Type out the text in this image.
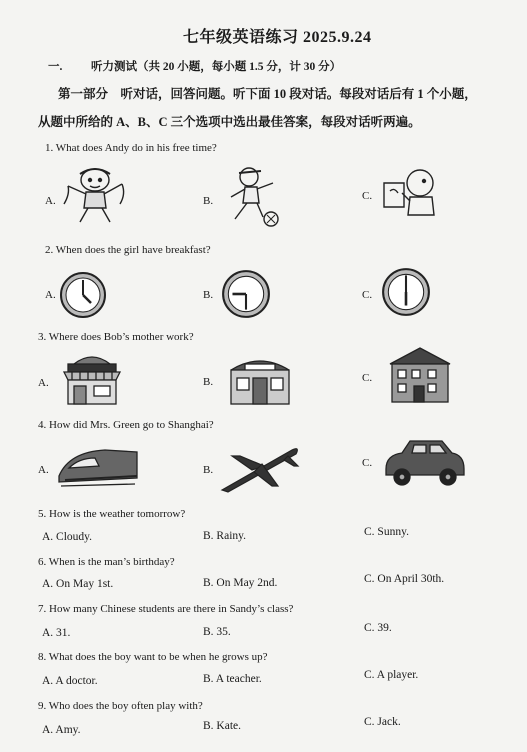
七年级英语练习 2025.9.24
一. 听力测试（共 20 小题，每小题 1.5 分，计 30 分）
第一部分　听对话，回答问题。听下面 10 段对话。每段对话后有 1 个小题，
从题中所给的 A、B、C 三个选项中选出最佳答案，每段对话听两遍。
1. What does Andy do in his free time?
A.	B.	C.
2. When does the girl have breakfast?
A.	B.	C.
3. Where does Bob’s mother work?
A.	B.	C.
4. How did Mrs. Green go to Shanghai?
A.	B.
C.
5. How is the weather tomorrow?
A. Cloudy.	B. Rainy.	C. Sunny.
6. When is the man’s birthday?
A. On May 1st.	B. On May 2nd.	C. On April 30th.
7. How many Chinese students are there in Sandy’s class?
A. 31.	B. 35.	C. 39.
8. What does the boy want to be when he grows up?
A. A doctor.	B. A teacher.	C. A player.
9. Who does the boy often play with?
A. Amy.	B. Kate.	C. Jack.
